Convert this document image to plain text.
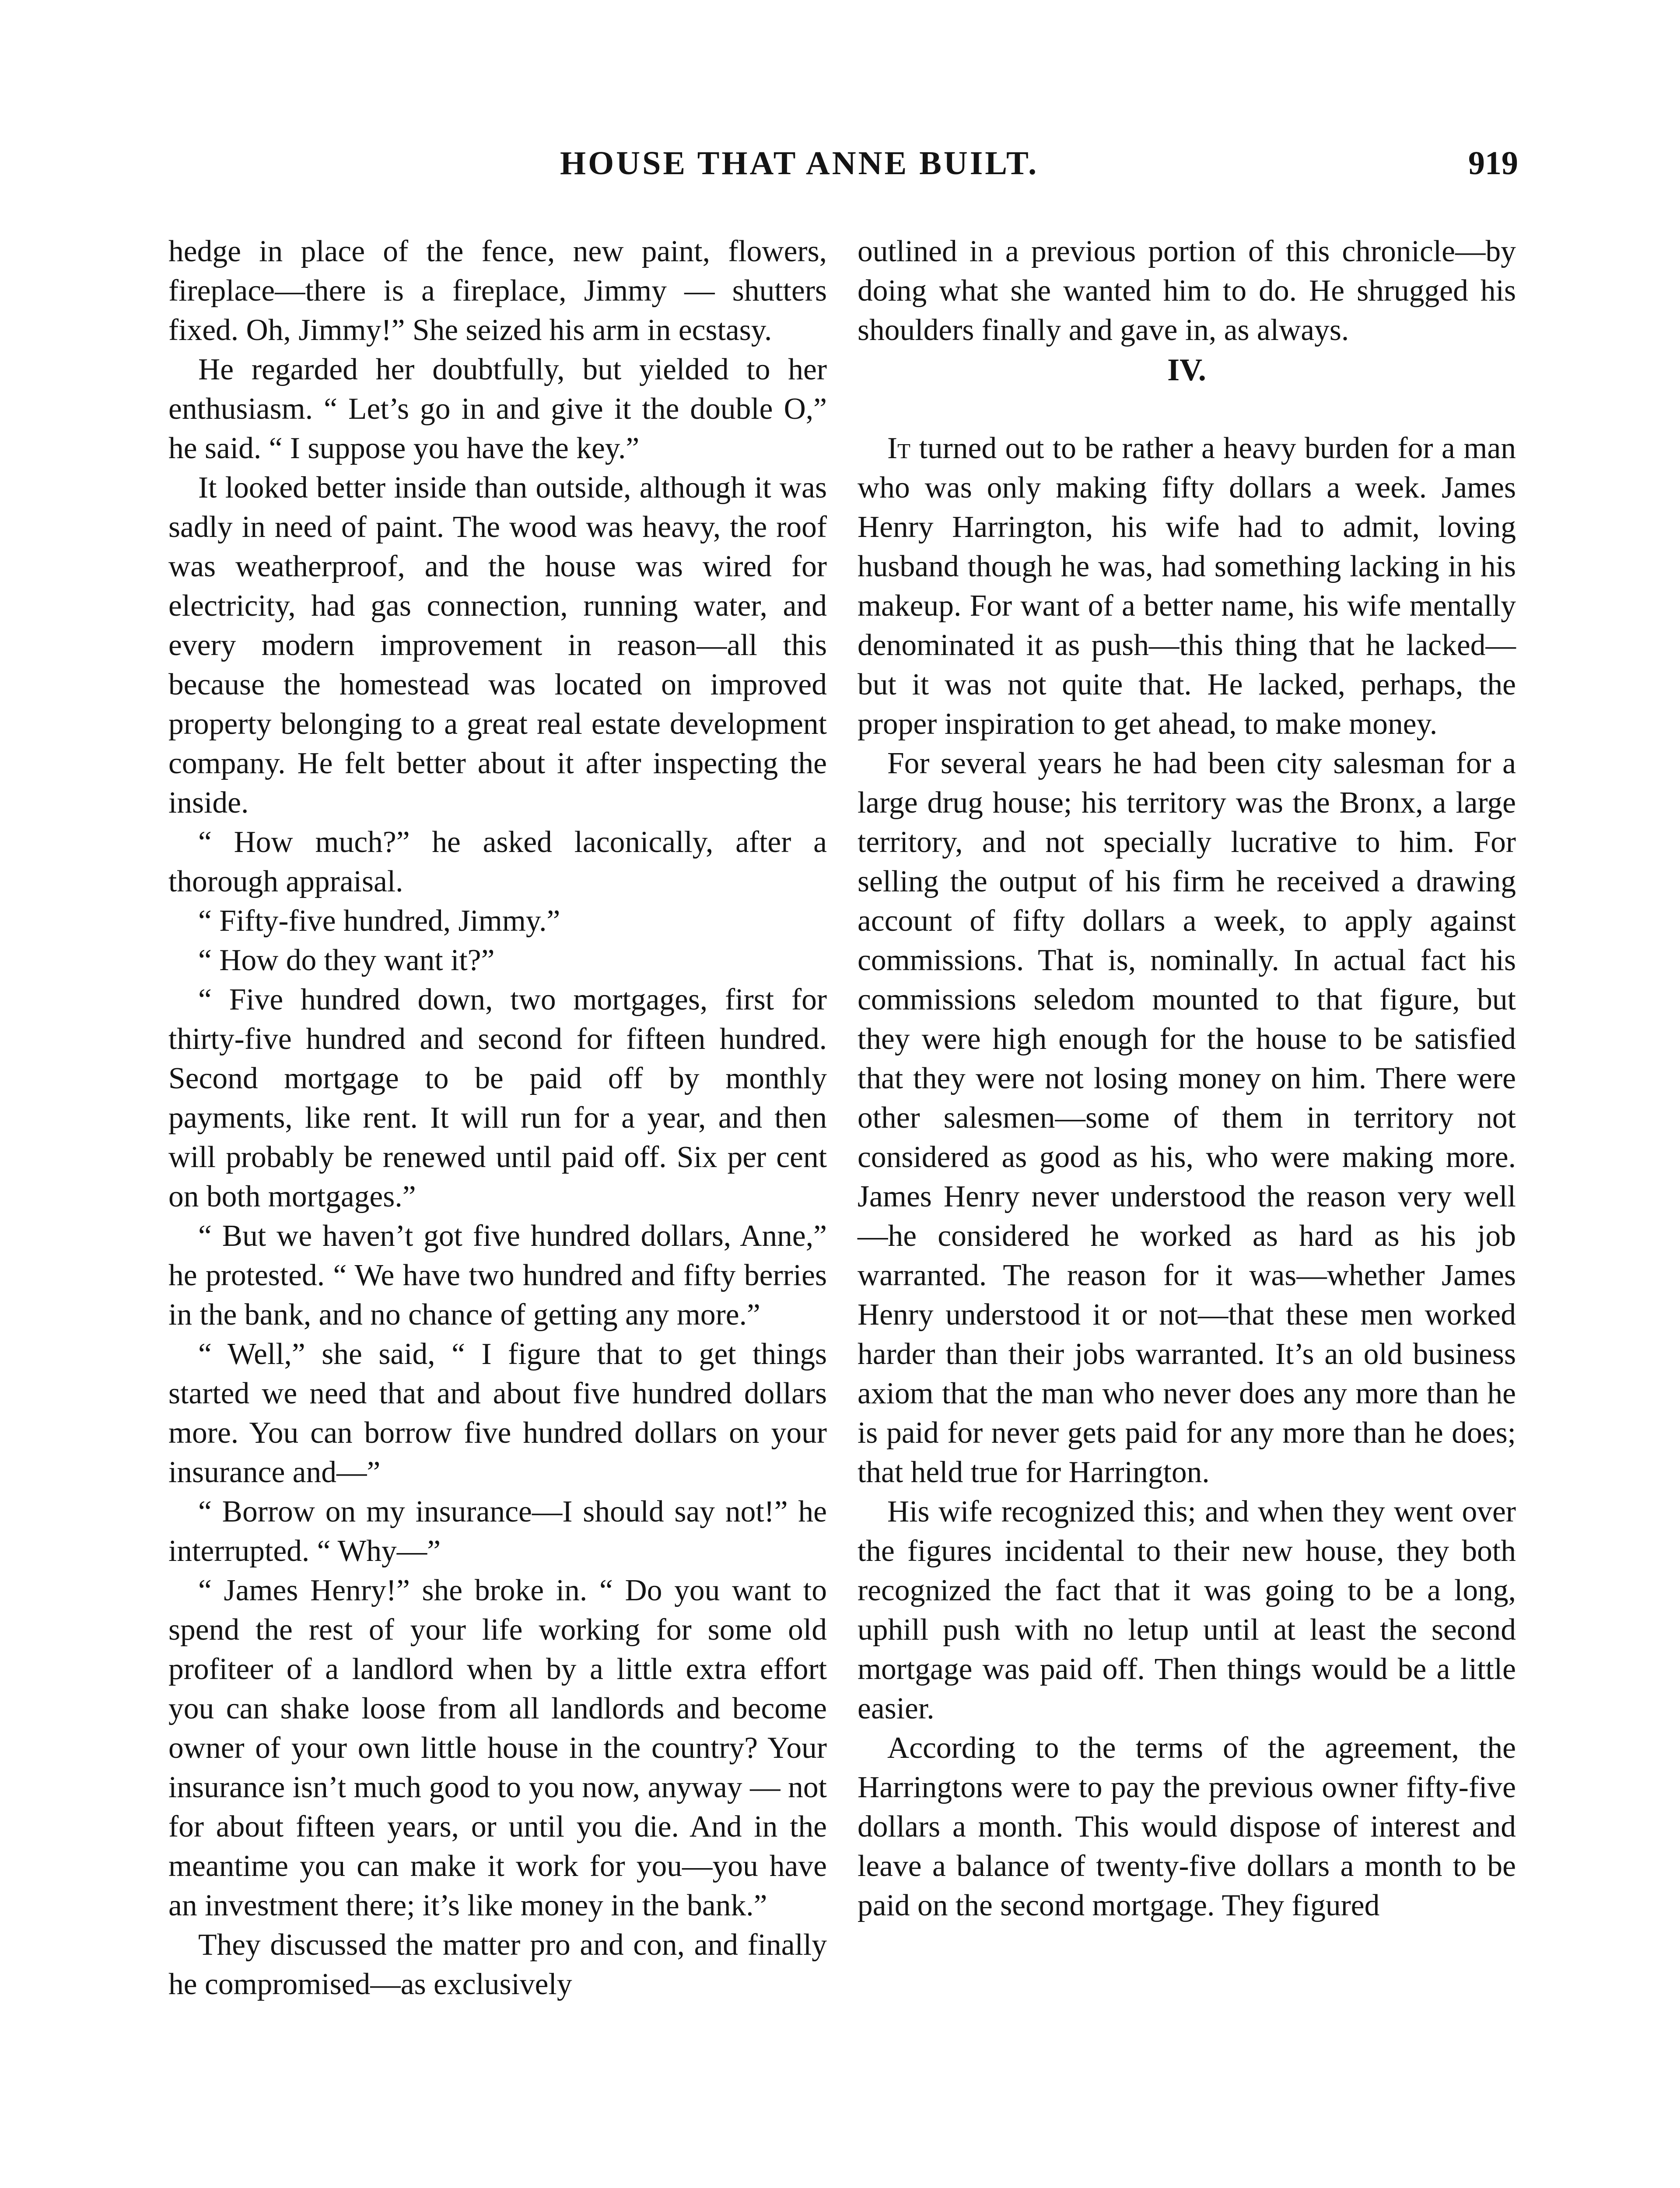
HOUSE THAT ANNE BUILT.	919

hedge in place of the fence, new paint, flowers, fireplace—there is a fireplace, Jimmy — shutters fixed. Oh, Jimmy!” She seized his arm in ecstasy.

He regarded her doubtfully, but yielded to her enthusiasm. “ Let’s go in and give it the double O,” he said. “ I suppose you have the key.”

It looked better inside than outside, although it was sadly in need of paint. The wood was heavy, the roof was weatherproof, and the house was wired for electricity, had gas connection, running water, and every modern improvement in reason—all this because the homestead was located on improved property belonging to a great real estate development company. He felt better about it after inspecting the inside.

“ How much?” he asked laconically, after a thorough appraisal.

“ Fifty-five hundred, Jimmy.”

“ How do they want it?”

“ Five hundred down, two mortgages, first for thirty-five hundred and second for fifteen hundred. Second mortgage to be paid off by monthly payments, like rent. It will run for a year, and then will probably be renewed until paid off. Six per cent on both mortgages.”

“ But we haven’t got five hundred dollars, Anne,” he protested. “ We have two hundred and fifty berries in the bank, and no chance of getting any more.”

“ Well,” she said, “ I figure that to get things started we need that and about five hundred dollars more. You can borrow five hundred dollars on your insurance and—”

“ Borrow on my insurance—I should say not!” he interrupted. “ Why—”

“ James Henry!” she broke in. “ Do you want to spend the rest of your life working for some old profiteer of a landlord when by a little extra effort you can shake loose from all landlords and become owner of your own little house in the country? Your insurance isn’t much good to you now, anyway — not for about fifteen years, or until you die. And in the meantime you can make it work for you—you have an investment there; it’s like money in the bank.”

They discussed the matter pro and con, and finally he compromised—as exclusively

outlined in a previous portion of this chronicle—by doing what she wanted him to do. He shrugged his shoulders finally and gave in, as always.

IV.

It turned out to be rather a heavy burden for a man who was only making fifty dollars a week. James Henry Harrington, his wife had to admit, loving husband though he was, had something lacking in his makeup. For want of a better name, his wife mentally denominated it as push—this thing that he lacked—but it was not quite that. He lacked, perhaps, the proper inspiration to get ahead, to make money.

For several years he had been city salesman for a large drug house; his territory was the Bronx, a large territory, and not specially lucrative to him. For selling the output of his firm he received a drawing account of fifty dollars a week, to apply against commissions. That is, nominally. In actual fact his commissions seledom mounted to that figure, but they were high enough for the house to be satisfied that they were not losing money on him. There were other salesmen—some of them in territory not considered as good as his, who were making more. James Henry never understood the reason very well—he considered he worked as hard as his job warranted. The reason for it was—whether James Henry understood it or not—that these men worked harder than their jobs warranted. It’s an old business axiom that the man who never does any more than he is paid for never gets paid for any more than he does; that held true for Harrington.

His wife recognized this; and when they went over the figures incidental to their new house, they both recognized the fact that it was going to be a long, uphill push with no letup until at least the second mortgage was paid off. Then things would be a little easier.

According to the terms of the agreement, the Harringtons were to pay the previous owner fifty-five dollars a month. This would dispose of interest and leave a balance of twenty-five dollars a month to be paid on the second mortgage. They figured
